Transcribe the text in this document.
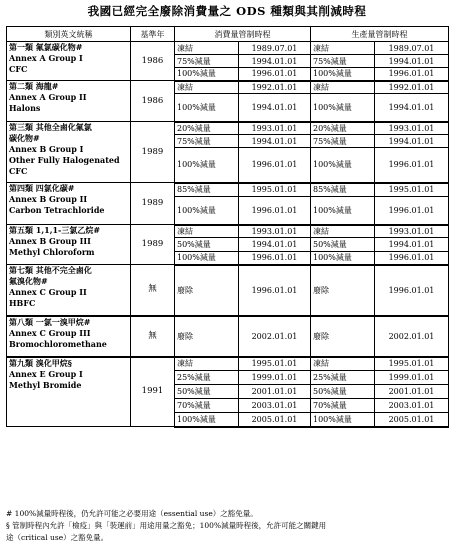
我國已經完全廢除消費量之 ODS 種類與其削減時程
類別英文統稱	基準年	消費量管制時程		生產量管制時程	

第一類 氟氯碳化物#
Annex A Group I
CFC	1986	凍結	1989.07.01	凍結	1989.07.01
		75%減量	1994.01.01	75%減量	1994.01.01
		100%減量	1996.01.01	100%減量	1996.01.01

第二類 海龍#
Annex A Group II
Halons	1986	凍結	1992.01.01	凍結	1992.01.01
		100%減量	1994.01.01	100%減量	1994.01.01

第三類 其他全鹵化氟氯
碳化物#
Annex B Group I
Other Fully Halogenated
CFC	1989	20%減量	1993.01.01	20%減量	1993.01.01
		75%減量	1994.01.01	75%減量	1994.01.01
		100%減量	1996.01.01	100%減量	1996.01.01

第四類 四氯化碳#
Annex B Group II
Carbon Tetrachloride	1989	85%減量	1995.01.01	85%減量	1995.01.01
		100%減量	1996.01.01	100%減量	1996.01.01

第五類 1,1,1-三氯乙烷#
Annex B Group III
Methyl Chloroform	1989	凍結	1993.01.01	凍結	1993.01.01
		50%減量	1994.01.01	50%減量	1994.01.01
		100%減量	1996.01.01	100%減量	1996.01.01

第七類 其他不完全鹵化
氟溴化物#
Annex C Group II
HBFC	無	廢除	1996.01.01	廢除	1996.01.01

第八類 一氯一溴甲烷#
Annex C Group III
Bromochloromethane	無	廢除	2002.01.01	廢除	2002.01.01

第九類 溴化甲烷§
Annex E Group I
Methyl Bromide	1991	凍結	1995.01.01	凍結	1995.01.01
		25%減量	1999.01.01	25%減量	1999.01.01
		50%減量	2001.01.01	50%減量	2001.01.01
		70%減量	2003.01.01	70%減量	2003.01.01
		100%減量	2005.01.01	100%減量	2005.01.01
# 100%減量時程後，仍允許可能之必要用途（essential use）之豁免量。
§ 管制時程內允許「檢疫」與「裝運前」用途用量之豁免；100%減量時程後，允許可能之關鍵用
途（critical use）之豁免量。
